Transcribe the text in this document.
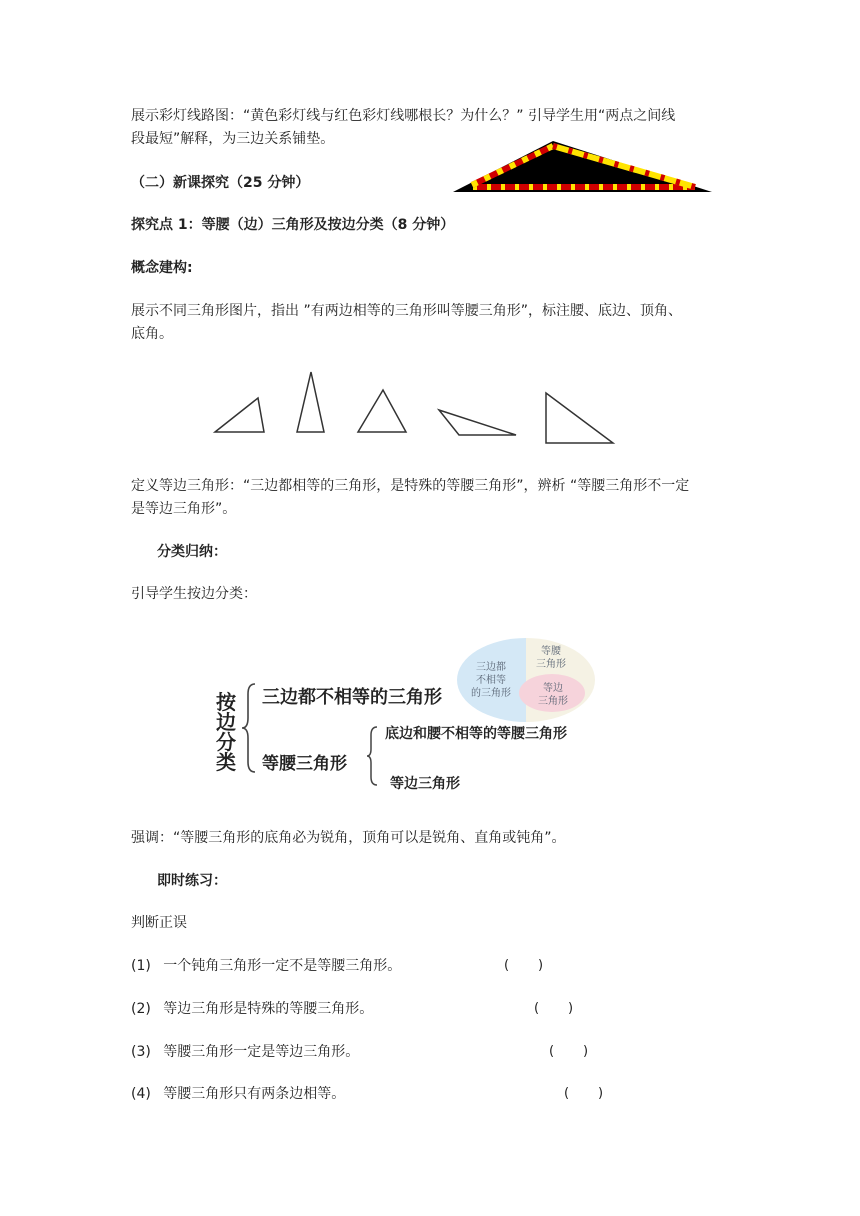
展示彩灯线路图：“黄色彩灯线与红色彩灯线哪根长？为什么？” 引导学生用“两点之间线
段最短”解释，为三边关系铺垫。
（二）新课探究（25 分钟）
探究点 1：等腰（边）三角形及按边分类（8 分钟）
概念建构:
展示不同三角形图片，指出 ”有两边相等的三角形叫等腰三角形”，标注腰、底边、顶角、
底角。
定义等边三角形：“三边都相等的三角形，是特殊的等腰三角形”，辨析 “等腰三角形不一定
是等边三角形”。
分类归纳：
引导学生按边分类：
三边都
不相等
的三角形
等腰
三角形
等边
三角形
按
边
分
类
三边都不相等的三角形
等腰三角形
底边和腰不相等的等腰三角形
等边三角形
强调：“等腰三角形的底角必为锐角，顶角可以是锐角、直角或钝角”。
即时练习：
判断正误
(1) 一个钝角三角形一定不是等腰三角形。	(       )
(2) 等边三角形是特殊的等腰三角形。	(       )
(3) 等腰三角形一定是等边三角形。	(       )
(4) 等腰三角形只有两条边相等。	(       )
